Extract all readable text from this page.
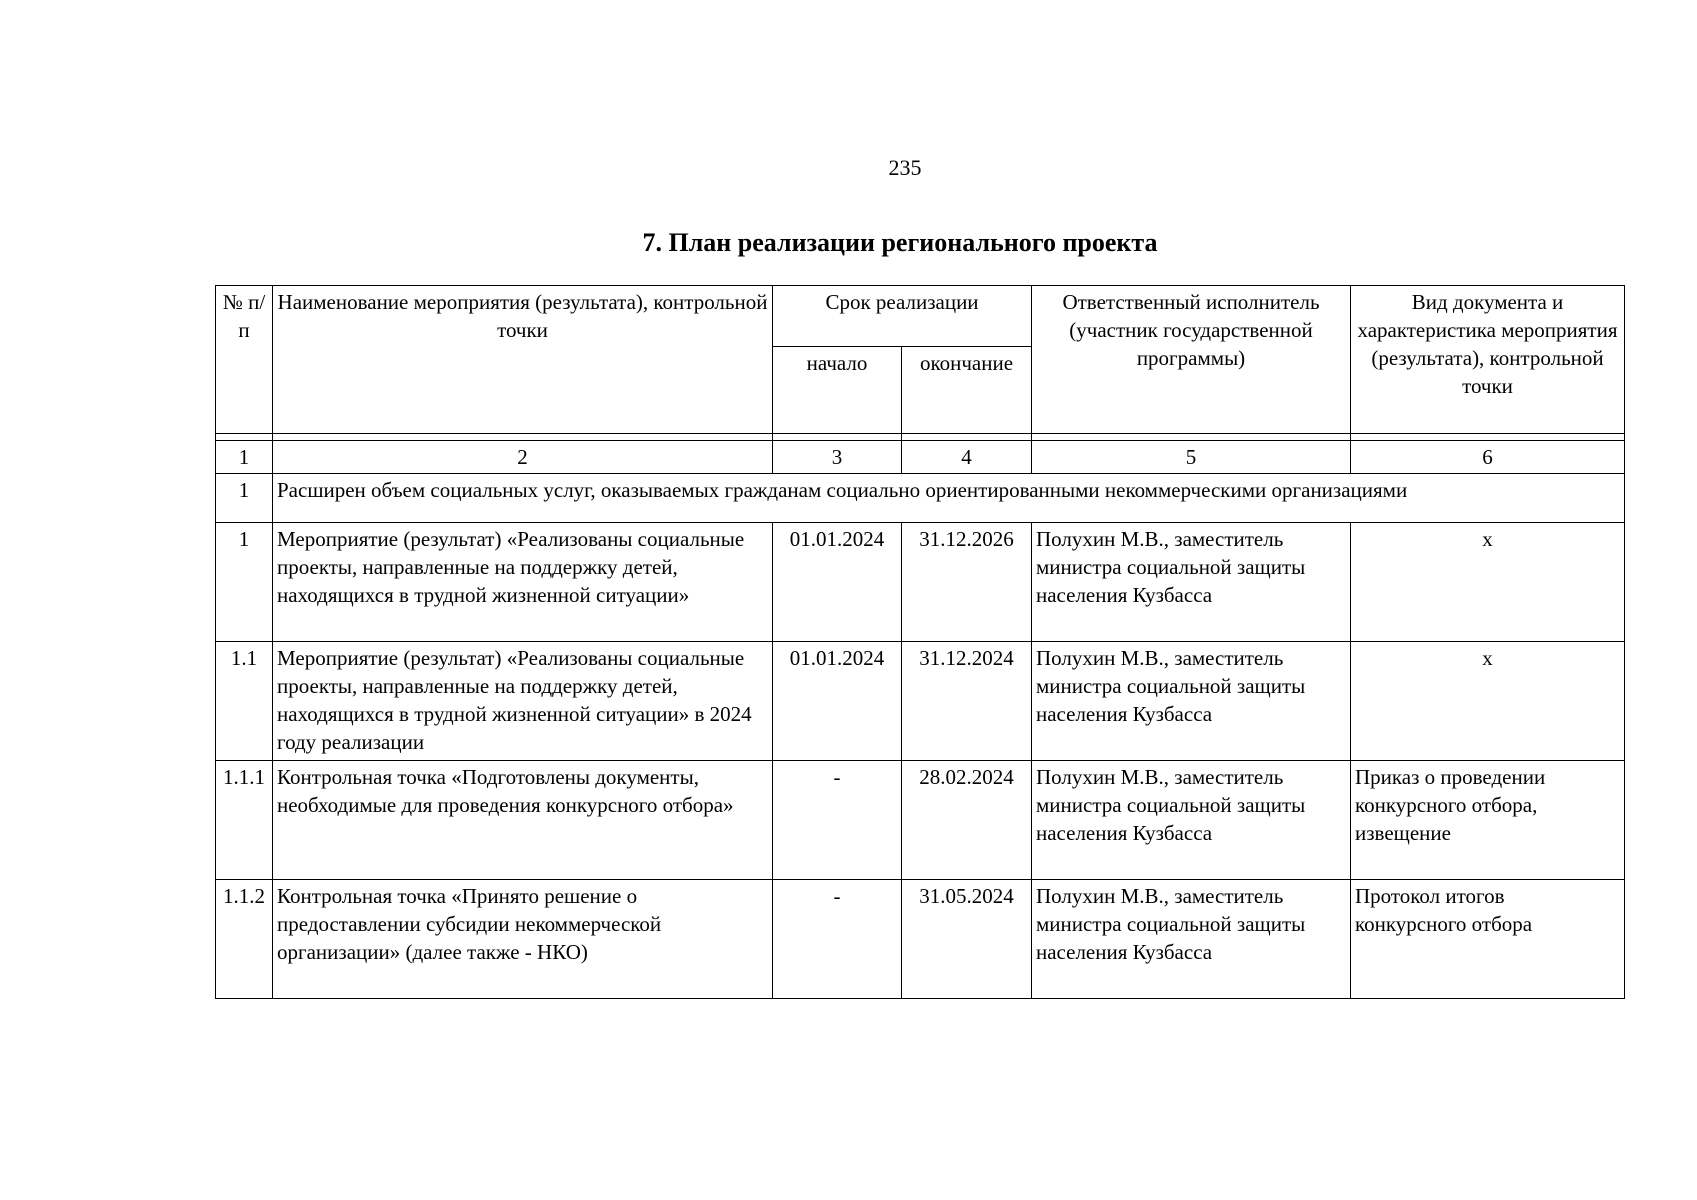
235
7. План реализации регионального проекта
№ п/п	Наименование мероприятия (результата), контрольной точки	Срок реализации		Ответственный исполнитель (участник государственной программы)	Вид документа и характеристика мероприятия (результата), контрольной точки
		начало	окончание		

1	2	3	4	5	6
1	Расширен объем социальных услуг, оказываемых гражданам социально ориентированными некоммерческими организациями				
1	Мероприятие (результат) «Реализованы социальные проекты, направленные на поддержку детей, находящихся в трудной жизненной ситуации»	01.01.2024	31.12.2026	Полухин М.В., заместитель министра социальной защиты населения Кузбасса	х
1.1	Мероприятие (результат) «Реализованы социальные проекты, направленные на поддержку детей, находящихся в трудной жизненной ситуации» в 2024 году реализации	01.01.2024	31.12.2024	Полухин М.В., заместитель министра социальной защиты населения Кузбасса	х
1.1.1	Контрольная точка «Подготовлены документы, необходимые для проведения конкурсного отбора»	-	28.02.2024	Полухин М.В., заместитель министра социальной защиты населения Кузбасса	Приказ о проведении конкурсного отбора, извещение
1.1.2	Контрольная точка «Принято решение о предоставлении субсидии некоммерческой организации» (далее также - НКО)	-	31.05.2024	Полухин М.В., заместитель министра социальной защиты населения Кузбасса	Протокол итогов конкурсного отбора
